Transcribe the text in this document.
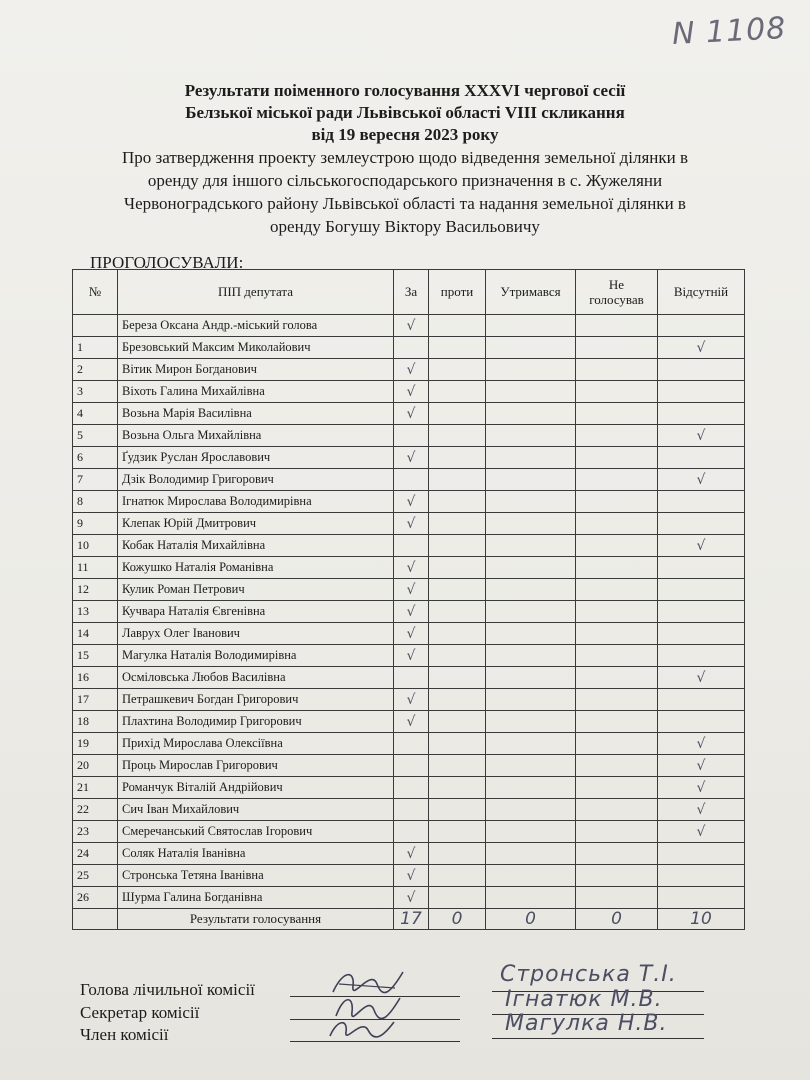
N 1108
Результати поіменного голосування XXXVI чергової сесії
Белзької міської ради Львівської області VIII скликання
від 19 вересня 2023 року
Про затвердження проекту землеустрою щодо відведення земельної ділянки в
оренду для іншого сільськогосподарського призначення в с. Жужеляни
Червоноградського району Львівської області та надання земельної ділянки в
оренду Богушу Віктору Васильовичу
ПРОГОЛОСУВАЛИ:
№	ПІП депутата	За	проти	Утримався	Не голосував	Відсутній
	Береза Оксана Андр.-міський голова	√				
1	Брезовський Максим Миколайович					√
2	Вітик Мирон Богданович	√				
3	Віхоть Галина Михайлівна	√				
4	Возьна Марія Василівна	√				
5	Возьна Ольга Михайлівна					√
6	Ґудзик Руслан Ярославович	√				
7	Дзік Володимир Григорович					√
8	Ігнатюк Мирослава Володимирівна	√				
9	Клепак Юрій Дмитрович	√				
10	Кобак Наталія Михайлівна					√
11	Кожушко Наталія Романівна	√				
12	Кулик Роман Петрович	√				
13	Кучвара Наталія Євгенівна	√				
14	Лаврух Олег Іванович	√				
15	Магулка Наталія Володимирівна	√				
16	Осміловська Любов Василівна					√
17	Петрашкевич Богдан Григорович	√				
18	Плахтина Володимир Григорович	√				
19	Прихід Мирослава Олексіївна					√
20	Проць Мирослав Григорович					√
21	Романчук Віталій Андрійович					√
22	Сич Іван Михайлович					√
23	Смеречанський Святослав Ігорович					√
24	Соляк Наталія Іванівна	√				
25	Стронська Тетяна Іванівна	√				
26	Шурма Галина Богданівна	√				
	Результати голосування	17	0	0	0	10
Голова лічильної комісії
Секретар комісії
Член комісії
Стронська Т.І.
Ігнатюк М.В.
Магулка Н.В.
